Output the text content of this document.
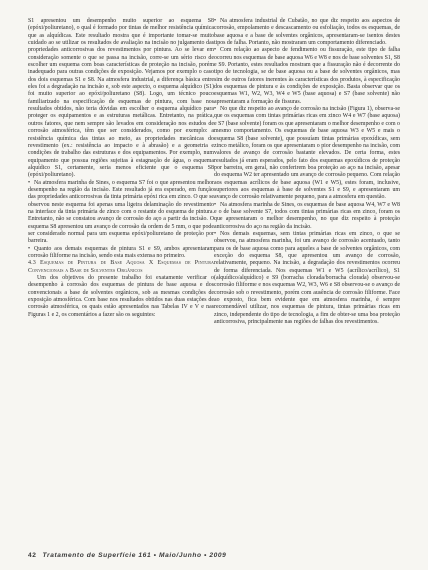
S1 apresentou um desempenho muito superior ao esquema S8 (epóxi/poliuretano), o qual é formado por tintas de melhor resistência química que as alquídicas. Este resultado mostra que é importante tomar-se muito cuidado ao se utilizar os resultados de avaliação na incisão no julgamento das propriedades anticorrosivas dos revestimentos por pintura. Ao se levar em consideração somente o que se passa na incisão, corre-se um sério risco de escolher um esquema com boas características de proteção na incisão, porém inadequado para outras condições de exposição. Vejamos por exemplo o caso dos dois esquemas S1 e S8. Na atmosfera industrial, a diferença básica entre eles foi a degradação na incisão e, sob este aspecto, o esquema alquídico (S1) foi muito superior ao epóxi/poliuretano (S8). Logo, um técnico pouco familiarizado na especificação de esquemas de pintura, com base nos resultados obtidos, não teria dúvidas em escolher o esquema alquídico para proteger os equipamentos e as estruturas metálicas. Entretanto, na prática, outros fatores, que nem sempre são levados em consideração nos estudos de corrosão atmosférica, têm que ser considerados, como por exemplo: a resistência química das tintas ao meio, as propriedades mecânicas do revestimento (ex.: resistência ao impacto e à abrasão) e a geometria e condições de trabalho das estruturas e dos equipamentos. Por exemplo, num equipamento que possua regiões sujeitas à estagnação de água, o esquema alquídico S1, certamente, seria menos eficiente que o esquema S8 (epóxi/poliuretano).

• Na atmosfera marinha de Sines, o esquema S7 foi o que apresentou melhor desempenho na região da incisão. Este resultado já era esperado, em função das propriedades anticorrosivas da tinta primária epóxi rica em zinco. O que se observou neste esquema foi apenas uma ligeira delaminação do revestimento na interface da tinta primária de zinco com o restante do esquema de pintura. Entretanto, não se constatou avanço de corrosão do aço a partir da incisão. O esquema S8 apresentou um avanço de corrosão da ordem de 5 mm, o que pode ser considerado normal para um esquema epóxi/poliuretano de proteção por barreira.

• Quanto aos demais esquemas de pintura S1 e S9, ambos apresentaram corrosão filiforme na incisão, sendo esta mais extensa no primeiro.

4.3 Esquemas de Pintura de Base Aquosa X Esquemas de Pintura Convencionais a Base de Solventes Orgânicos

Um dos objetivos do presente trabalho foi exatamente verificar o desempenho à corrosão dos esquemas de pintura de base aquosa e dos convencionais a base de solventes orgânicos, sob as mesmas condições de exposição atmosférica. Com base nos resultados obtidos nas duas estações de corrosão atmosférica, os quais estão apresentados nas Tabelas IV e V e nas Figuras 1 e 2, os comentários a fazer são os seguintes:

• Na atmosfera industrial de Cubatão, no que diz respeito aos aspectos de corrosão, empolamento e descascamento ou esfoliação, todos os esquemas, de base aquosa e a base de solventes orgânicos, apresentaram-se isentos destes tipos de falha. Portanto, não mostraram um comportamento diferenciado.

• Com relação ao aspecto de fendimento ou fissuração, este tipo de falha ocorreu nos esquemas de base aquosa W6 e W8 e nos de base solventes S1, S8 e S9. Portanto, estes resultados mostram que a fissuração não é decorrente do tipo de tecnologia, se de base aquosa ou a base de solventes orgânicos, mas sim de outros fatores inerentes às características dos produtos, à especificação dos esquemas de pintura e às condições de exposição. Basta observar que os esquemas W1, W2, W3, W4 e W5 (base aquosa) e S7 (base solvente) não apresentaram a formação de fissuras.

• No que diz respeito ao avanço de corrosão na incisão (Figura 1), observa-se que os esquemas com tintas primárias ricas em zinco W4 e W7 (base aquosa) e S7 (base solvente) foram os que apresentaram o melhor desempenho e com o mesmo comportamento. Os esquemas de base aquosa W3 e W5 e mais o esquema S8 (base solvente), que possuíam tintas primárias epoxídicas, sem zinco metálico, foram os que apresentaram o pior desempenho na incisão, com valores de avanço de corrosão bastante elevados. De certa forma, estes resultados já eram esperados, pelo fato dos esquemas epoxídicos de proteção por barreira, em geral, não conferirem boa proteção ao aço na incisão, apesar do esquema W2 ter apresentado um avanço de corrosão pequeno. Com relação aos esquemas acrílicos de base aquosa (W1 e W5), estes foram, inclusive, superiores aos esquemas à base de solventes S1 e S9, e apresentaram um avanço de corrosão relativamente pequeno, para a atmosfera em questão.

• Na atmosfera marinha de Sines, os esquemas de base aquosa W4, W7 e W8 e o de base solvente S7, todos com tintas primárias ricas em zinco, foram os que apresentaram o melhor desempenho, no que diz respeito à proteção anticorrosiva do aço na região da incisão.

• Nos demais esquemas, sem tintas primárias ricas em zinco, o que se observou, na atmosfera marinha, foi um avanço de corrosão acentuado, tanto para os de base aquosa como para aqueles a base de solventes orgânicos, com exceção do esquema S8, que apresentou um avanço de corrosão, relativamente, pequeno. Na incisão, a degradação dos revestimentos ocorreu de forma diferenciada. Nos esquemas W1 e W5 (acrílico/acrílico), S1 (alquídico/alquídico) e S9 (borracha clorada/borracha clorada) observou-se corrosão filiforme e nos esquemas W2, W3, W6 e S8 observou-se o avanço de corrosão sob o revestimento, porém com ausência de corrosão filiforme. Face ao exposto, fica bem evidente que em atmosfera marinha, é sempre recomendável utilizar, nos esquemas de pintura, tintas primárias ricas em zinco, independente do tipo de tecnologia, a fim de obter-se uma boa proteção anticorrosiva, principalmente nas regiões de falhas dos revestimentos.

42 Tratamento de Superfície 161 • Maio/Junho • 2009
